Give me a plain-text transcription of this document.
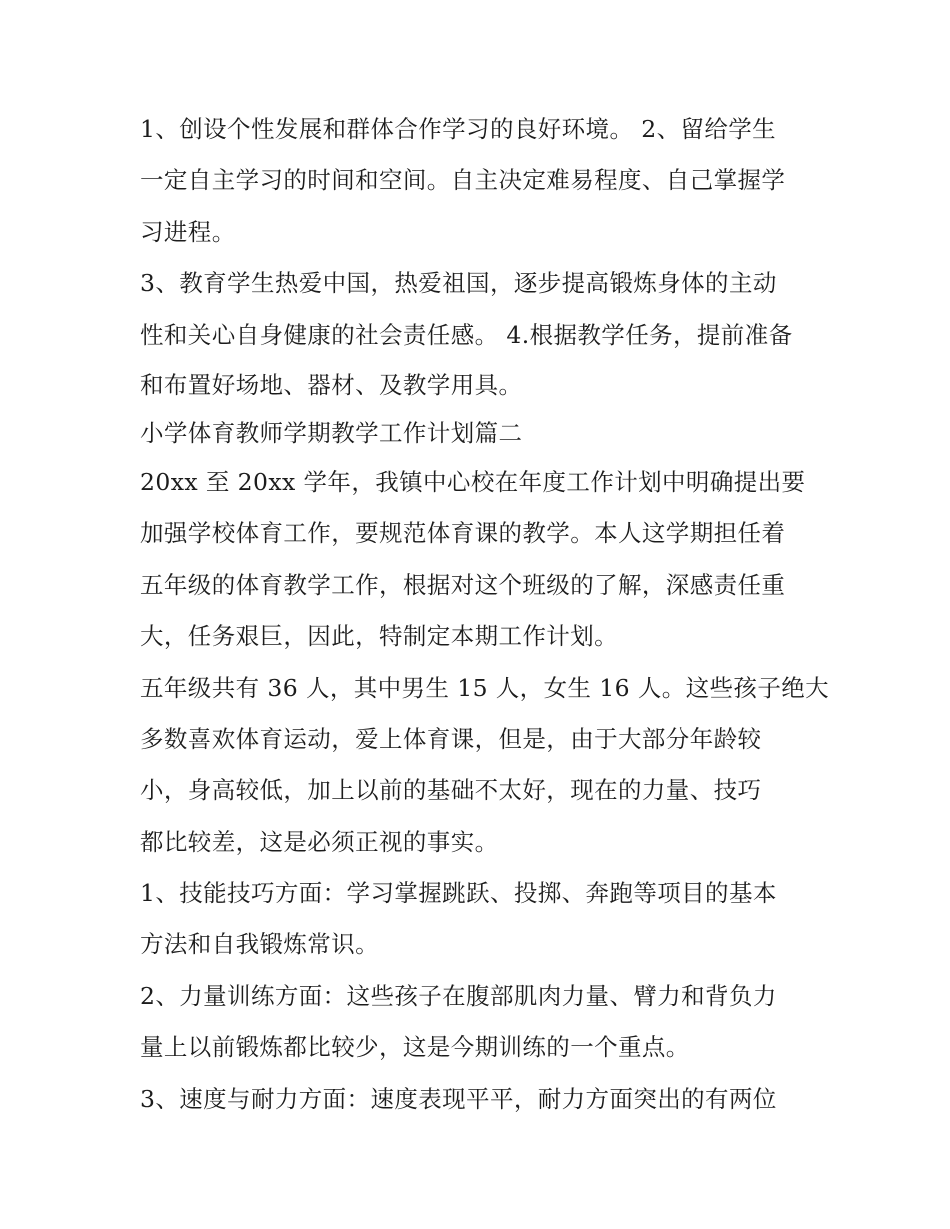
1、创设个性发展和群体合作学习的良好环境。 2、留给学生
一定自主学习的时间和空间。自主决定难易程度、自己掌握学
习进程。
3、教育学生热爱中国，热爱祖国，逐步提高锻炼身体的主动
性和关心自身健康的社会责任感。 4.根据教学任务，提前准备
和布置好场地、器材、及教学用具。
小学体育教师学期教学工作计划篇二
20xx 至 20xx 学年，我镇中心校在年度工作计划中明确提出要
加强学校体育工作，要规范体育课的教学。本人这学期担任着
五年级的体育教学工作，根据对这个班级的了解，深感责任重
大，任务艰巨，因此，特制定本期工作计划。
五年级共有 36 人，其中男生 15 人，女生 16 人。这些孩子绝大
多数喜欢体育运动，爱上体育课，但是，由于大部分年龄较
小，身高较低，加上以前的基础不太好，现在的力量、技巧
都比较差，这是必须正视的事实。
1、技能技巧方面：学习掌握跳跃、投掷、奔跑等项目的基本
方法和自我锻炼常识。
2、力量训练方面：这些孩子在腹部肌肉力量、臂力和背负力
量上以前锻炼都比较少，这是今期训练的一个重点。
3、速度与耐力方面：速度表现平平，耐力方面突出的有两位
